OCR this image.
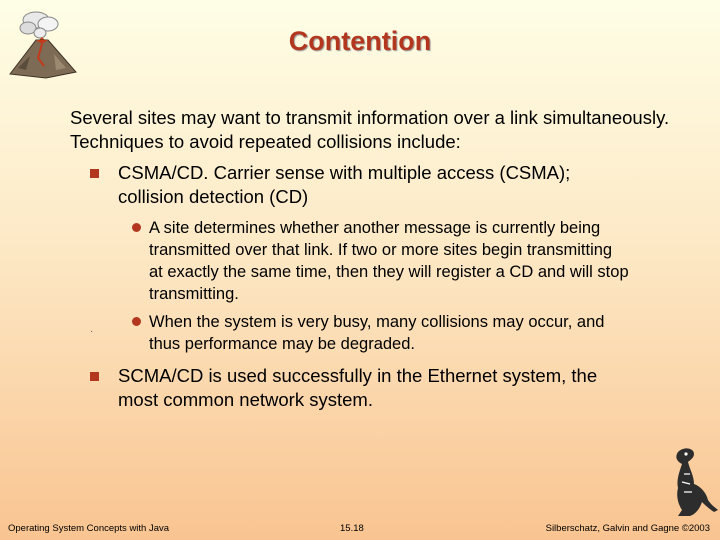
Contention
Several sites may want to transmit information over a link simultaneously. Techniques to avoid repeated collisions include:
CSMA/CD. Carrier sense with multiple access (CSMA); collision detection (CD)
A site determines whether another message is currently being transmitted over that link. If two or more sites begin transmitting at exactly the same time, then they will register a CD and will stop transmitting.
When the system is very busy, many collisions may occur, and thus performance may be degraded.
·
SCMA/CD is used successfully in the Ethernet system, the most common network system.
Operating System Concepts with Java	15.18	Silberschatz, Galvin and Gagne ©2003
